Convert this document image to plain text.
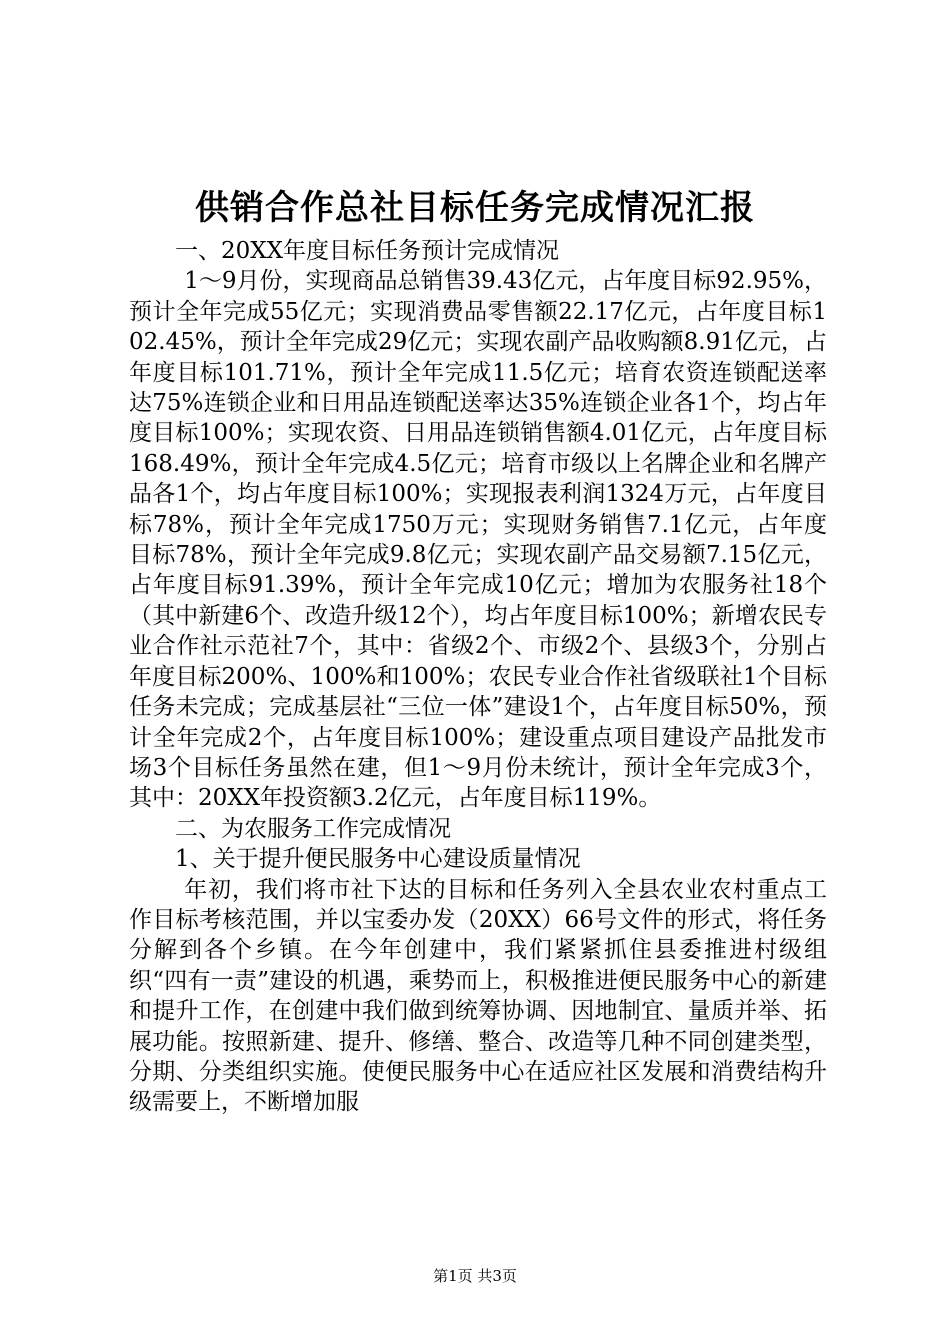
供销合作总社目标任务完成情况汇报

一、20XX年度目标任务预计完成情况

1～9月份，实现商品总销售39.43亿元，占年度目标92.95%，预计全年完成55亿元；实现消费品零售额22.17亿元，占年度目标102.45%，预计全年完成29亿元；实现农副产品收购额8.91亿元，占年度目标101.71%，预计全年完成11.5亿元；培育农资连锁配送率达75%连锁企业和日用品连锁配送率达35%连锁企业各1个，均占年度目标100%；实现农资、日用品连锁销售额4.01亿元，占年度目标168.49%，预计全年完成4.5亿元；培育市级以上名牌企业和名牌产品各1个，均占年度目标100%；实现报表利润1324万元，占年度目标78%，预计全年完成1750万元；实现财务销售7.1亿元，占年度目标78%，预计全年完成9.8亿元；实现农副产品交易额7.15亿元，占年度目标91.39%，预计全年完成10亿元；增加为农服务社18个（其中新建6个、改造升级12个），均占年度目标100%；新增农民专业合作社示范社7个，其中：省级2个、市级2个、县级3个，分别占年度目标200%、100%和100%；农民专业合作社省级联社1个目标任务未完成；完成基层社“三位一体”建设1个，占年度目标50%，预计全年完成2个，占年度目标100%；建设重点项目建设产品批发市场3个目标任务虽然在建，但1～9月份未统计，预计全年完成3个，其中：20XX年投资额3.2亿元，占年度目标119%。

二、为农服务工作完成情况

1、关于提升便民服务中心建设质量情况

年初，我们将市社下达的目标和任务列入全县农业农村重点工作目标考核范围，并以宝委办发（20XX）66号文件的形式，将任务分解到各个乡镇。在今年创建中，我们紧紧抓住县委推进村级组织“四有一责”建设的机遇，乘势而上，积极推进便民服务中心的新建和提升工作，在创建中我们做到统筹协调、因地制宜、量质并举、拓展功能。按照新建、提升、修缮、整合、改造等几种不同创建类型，分期、分类组织实施。使便民服务中心在适应社区发展和消费结构升级需要上，不断增加服

第1页 共3页
